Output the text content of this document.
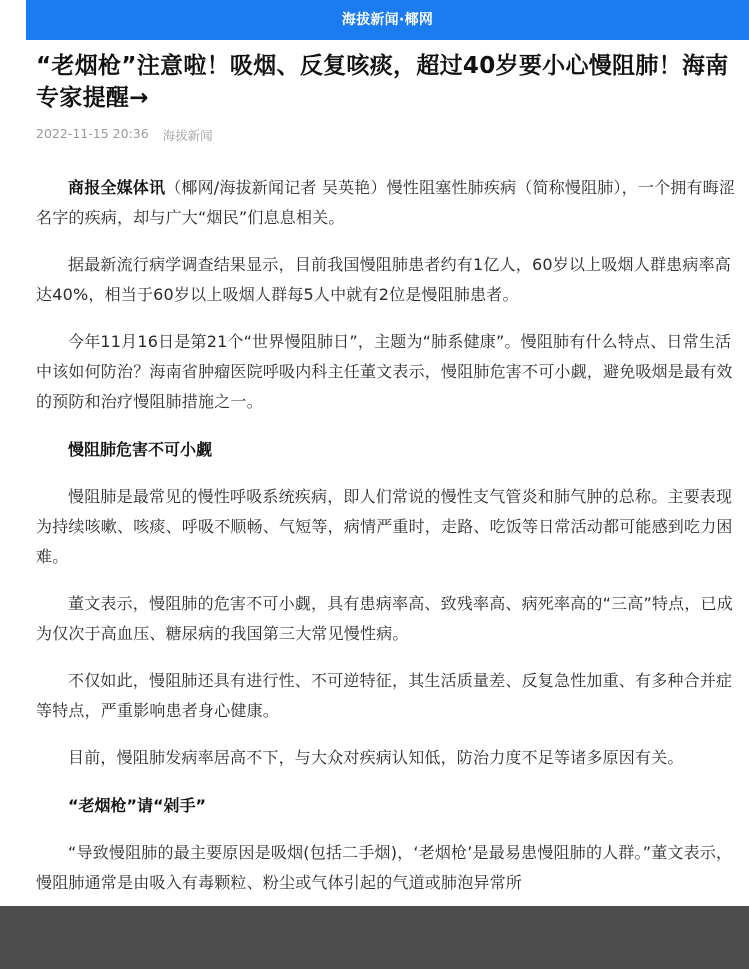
海拔新闻·椰网
“老烟枪”注意啦！吸烟、反复咳痰，超过40岁要小心慢阻肺！海南专家提醒→
2022-11-15 20:36 海拔新闻

商报全媒体讯（椰网/海拔新闻记者 吴英艳）慢性阻塞性肺疾病（简称慢阻肺），一个拥有晦涩名字的疾病，却与广大“烟民”们息息相关。

据最新流行病学调查结果显示，目前我国慢阻肺患者约有1亿人，60岁以上吸烟人群患病率高达40%，相当于60岁以上吸烟人群每5人中就有2位是慢阻肺患者。

今年11月16日是第21个“世界慢阻肺日”，主题为“肺系健康”。慢阻肺有什么特点、日常生活中该如何防治？海南省肿瘤医院呼吸内科主任董文表示，慢阻肺危害不可小觑，避免吸烟是最有效的预防和治疗慢阻肺措施之一。

慢阻肺危害不可小觑

慢阻肺是最常见的慢性呼吸系统疾病，即人们常说的慢性支气管炎和肺气肿的总称。主要表现为持续咳嗽、咳痰、呼吸不顺畅、气短等，病情严重时，走路、吃饭等日常活动都可能感到吃力困难。

董文表示，慢阻肺的危害不可小觑，具有患病率高、致残率高、病死率高的“三高”特点，已成为仅次于高血压、糖尿病的我国第三大常见慢性病。

不仅如此，慢阻肺还具有进行性、不可逆特征，其生活质量差、反复急性加重、有多种合并症等特点，严重影响患者身心健康。

目前，慢阻肺发病率居高不下，与大众对疾病认知低，防治力度不足等诸多原因有关。

“老烟枪”请“剁手”

“导致慢阻肺的最主要原因是吸烟(包括二手烟)，‘老烟枪’是最易患慢阻肺的人群。”董文表示，慢阻肺通常是由吸入有毒颗粒、粉尘或气体引起的气道或肺泡异常所
